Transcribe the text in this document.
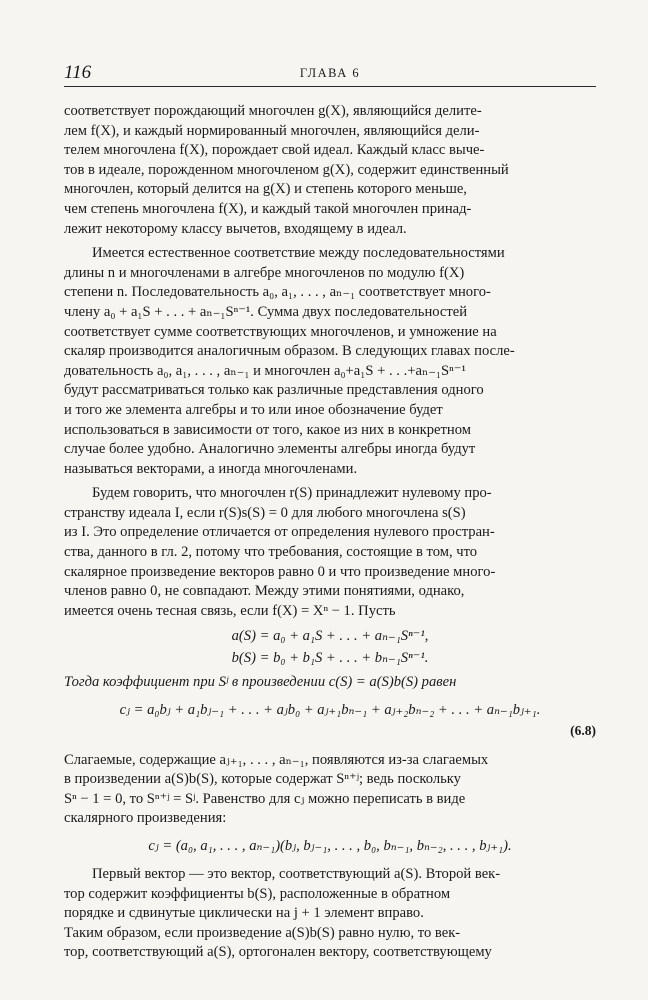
116	ГЛАВА 6
соответствует порождающий многочлен g(X), являющийся делите-
лем f(X), и каждый нормированный многочлен, являющийся дели-
телем многочлена f(X), порождает свой идеал. Каждый класс выче-
тов в идеале, порожденном многочленом g(X), содержит единственный
многочлен, который делится на g(X) и степень которого меньше,
чем степень многочлена f(X), и каждый такой многочлен принад-
лежит некоторому классу вычетов, входящему в идеал.
Имеется естественное соответствие между последовательностями
длины n и многочленами в алгебре многочленов по модулю f(X)
степени n. Последовательность a₀, a₁, . . . , aₙ₋₁ соответствует много-
члену a₀ + a₁S + . . . + aₙ₋₁Sⁿ⁻¹. Сумма двух последовательностей
соответствует сумме соответствующих многочленов, и умножение на
скаляр производится аналогичным образом. В следующих главах после-
довательность a₀, a₁, . . . , aₙ₋₁ и многочлен a₀+a₁S + . . .+aₙ₋₁Sⁿ⁻¹
будут рассматриваться только как различные представления одного
и того же элемента алгебры и то или иное обозначение будет
использоваться в зависимости от того, какое из них в конкретном
случае более удобно. Аналогично элементы алгебры иногда будут
называться векторами, а иногда многочленами.
Будем говорить, что многочлен r(S) принадлежит нулевому про-
странству идеала I, если r(S)s(S) = 0 для любого многочлена s(S)
из I. Это определение отличается от определения нулевого простран-
ства, данного в гл. 2, потому что требования, состоящие в том, что
скалярное произведение векторов равно 0 и что произведение много-
членов равно 0, не совпадают. Между этими понятиями, однако,
имеется очень тесная связь, если f(X) = Xⁿ − 1. Пусть
a(S) = a₀ + a₁S + . . . + aₙ₋₁Sⁿ⁻¹,
b(S) = b₀ + b₁S + . . . + bₙ₋₁Sⁿ⁻¹.
Тогда коэффициент при Sʲ в произведении c(S) = a(S)b(S) равен
cⱼ = a₀bⱼ + a₁bⱼ₋₁ + . . . + aⱼb₀ + aⱼ₊₁bₙ₋₁ + aⱼ₊₂bₙ₋₂ + . . . + aₙ₋₁bⱼ₊₁.
(6.8)
Слагаемые, содержащие aⱼ₊₁, . . . , aₙ₋₁, появляются из-за слагаемых
в произведении a(S)b(S), которые содержат Sⁿ⁺ʲ; ведь поскольку
Sⁿ − 1 = 0, то Sⁿ⁺ʲ = Sʲ. Равенство для cⱼ можно переписать в виде
скалярного произведения:
cⱼ = (a₀, a₁, . . . , aₙ₋₁)(bⱼ, bⱼ₋₁, . . . , b₀, bₙ₋₁, bₙ₋₂, . . . , bⱼ₊₁).
Первый вектор — это вектор, соответствующий a(S). Второй век-
тор содержит коэффициенты b(S), расположенные в обратном
порядке и сдвинутые циклически на j + 1 элемент вправо.
Таким образом, если произведение a(S)b(S) равно нулю, то век-
тор, соответствующий a(S), ортогонален вектору, соответствующему
